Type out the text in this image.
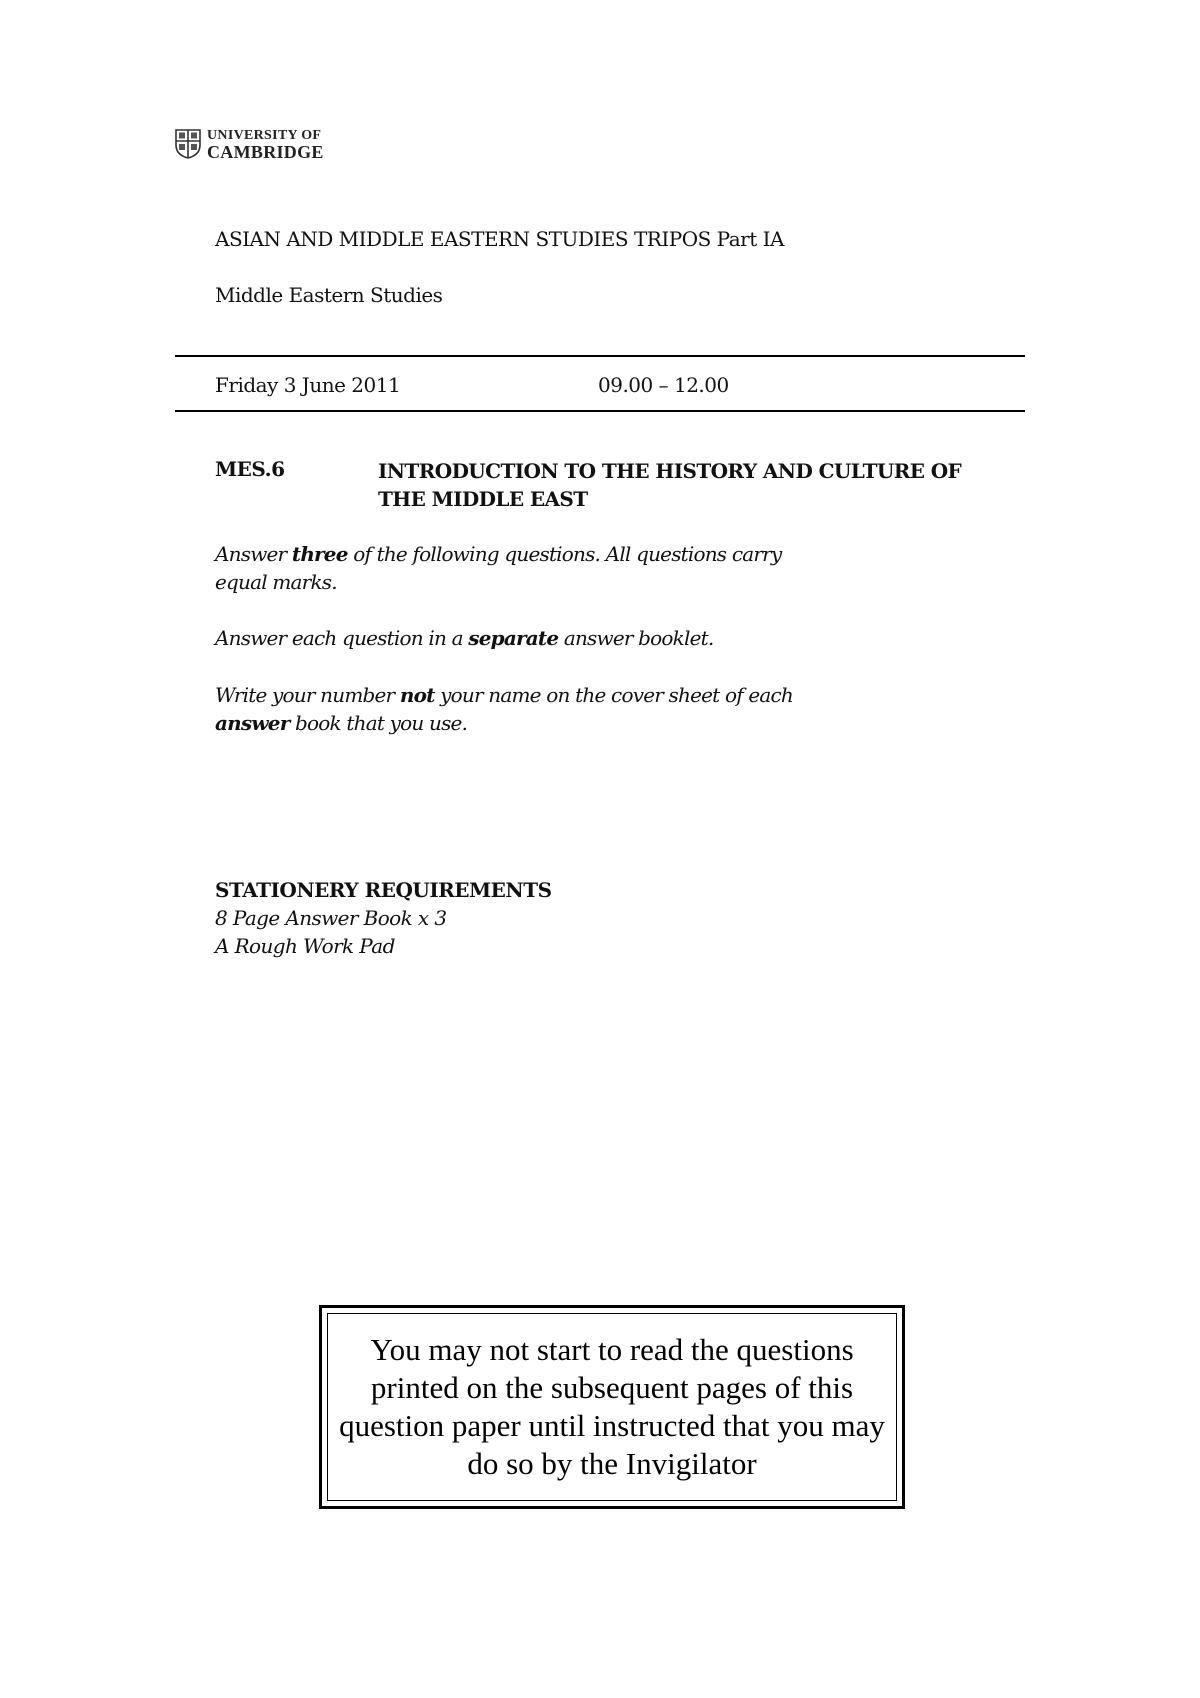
UNIVERSITY OF
CAMBRIDGE
ASIAN AND MIDDLE EASTERN STUDIES TRIPOS Part IA
Middle Eastern Studies
Friday 3 June 2011	09.00 – 12.00
MES.6	INTRODUCTION TO THE HISTORY AND CULTURE OF THE MIDDLE EAST
Answer three of the following questions. All questions carry equal marks.
Answer each question in a separate answer booklet.
Write your number not your name on the cover sheet of each answer book that you use.
STATIONERY REQUIREMENTS
8 Page Answer Book x 3
A Rough Work Pad
You may not start to read the questions printed on the subsequent pages of this question paper until instructed that you may do so by the Invigilator
